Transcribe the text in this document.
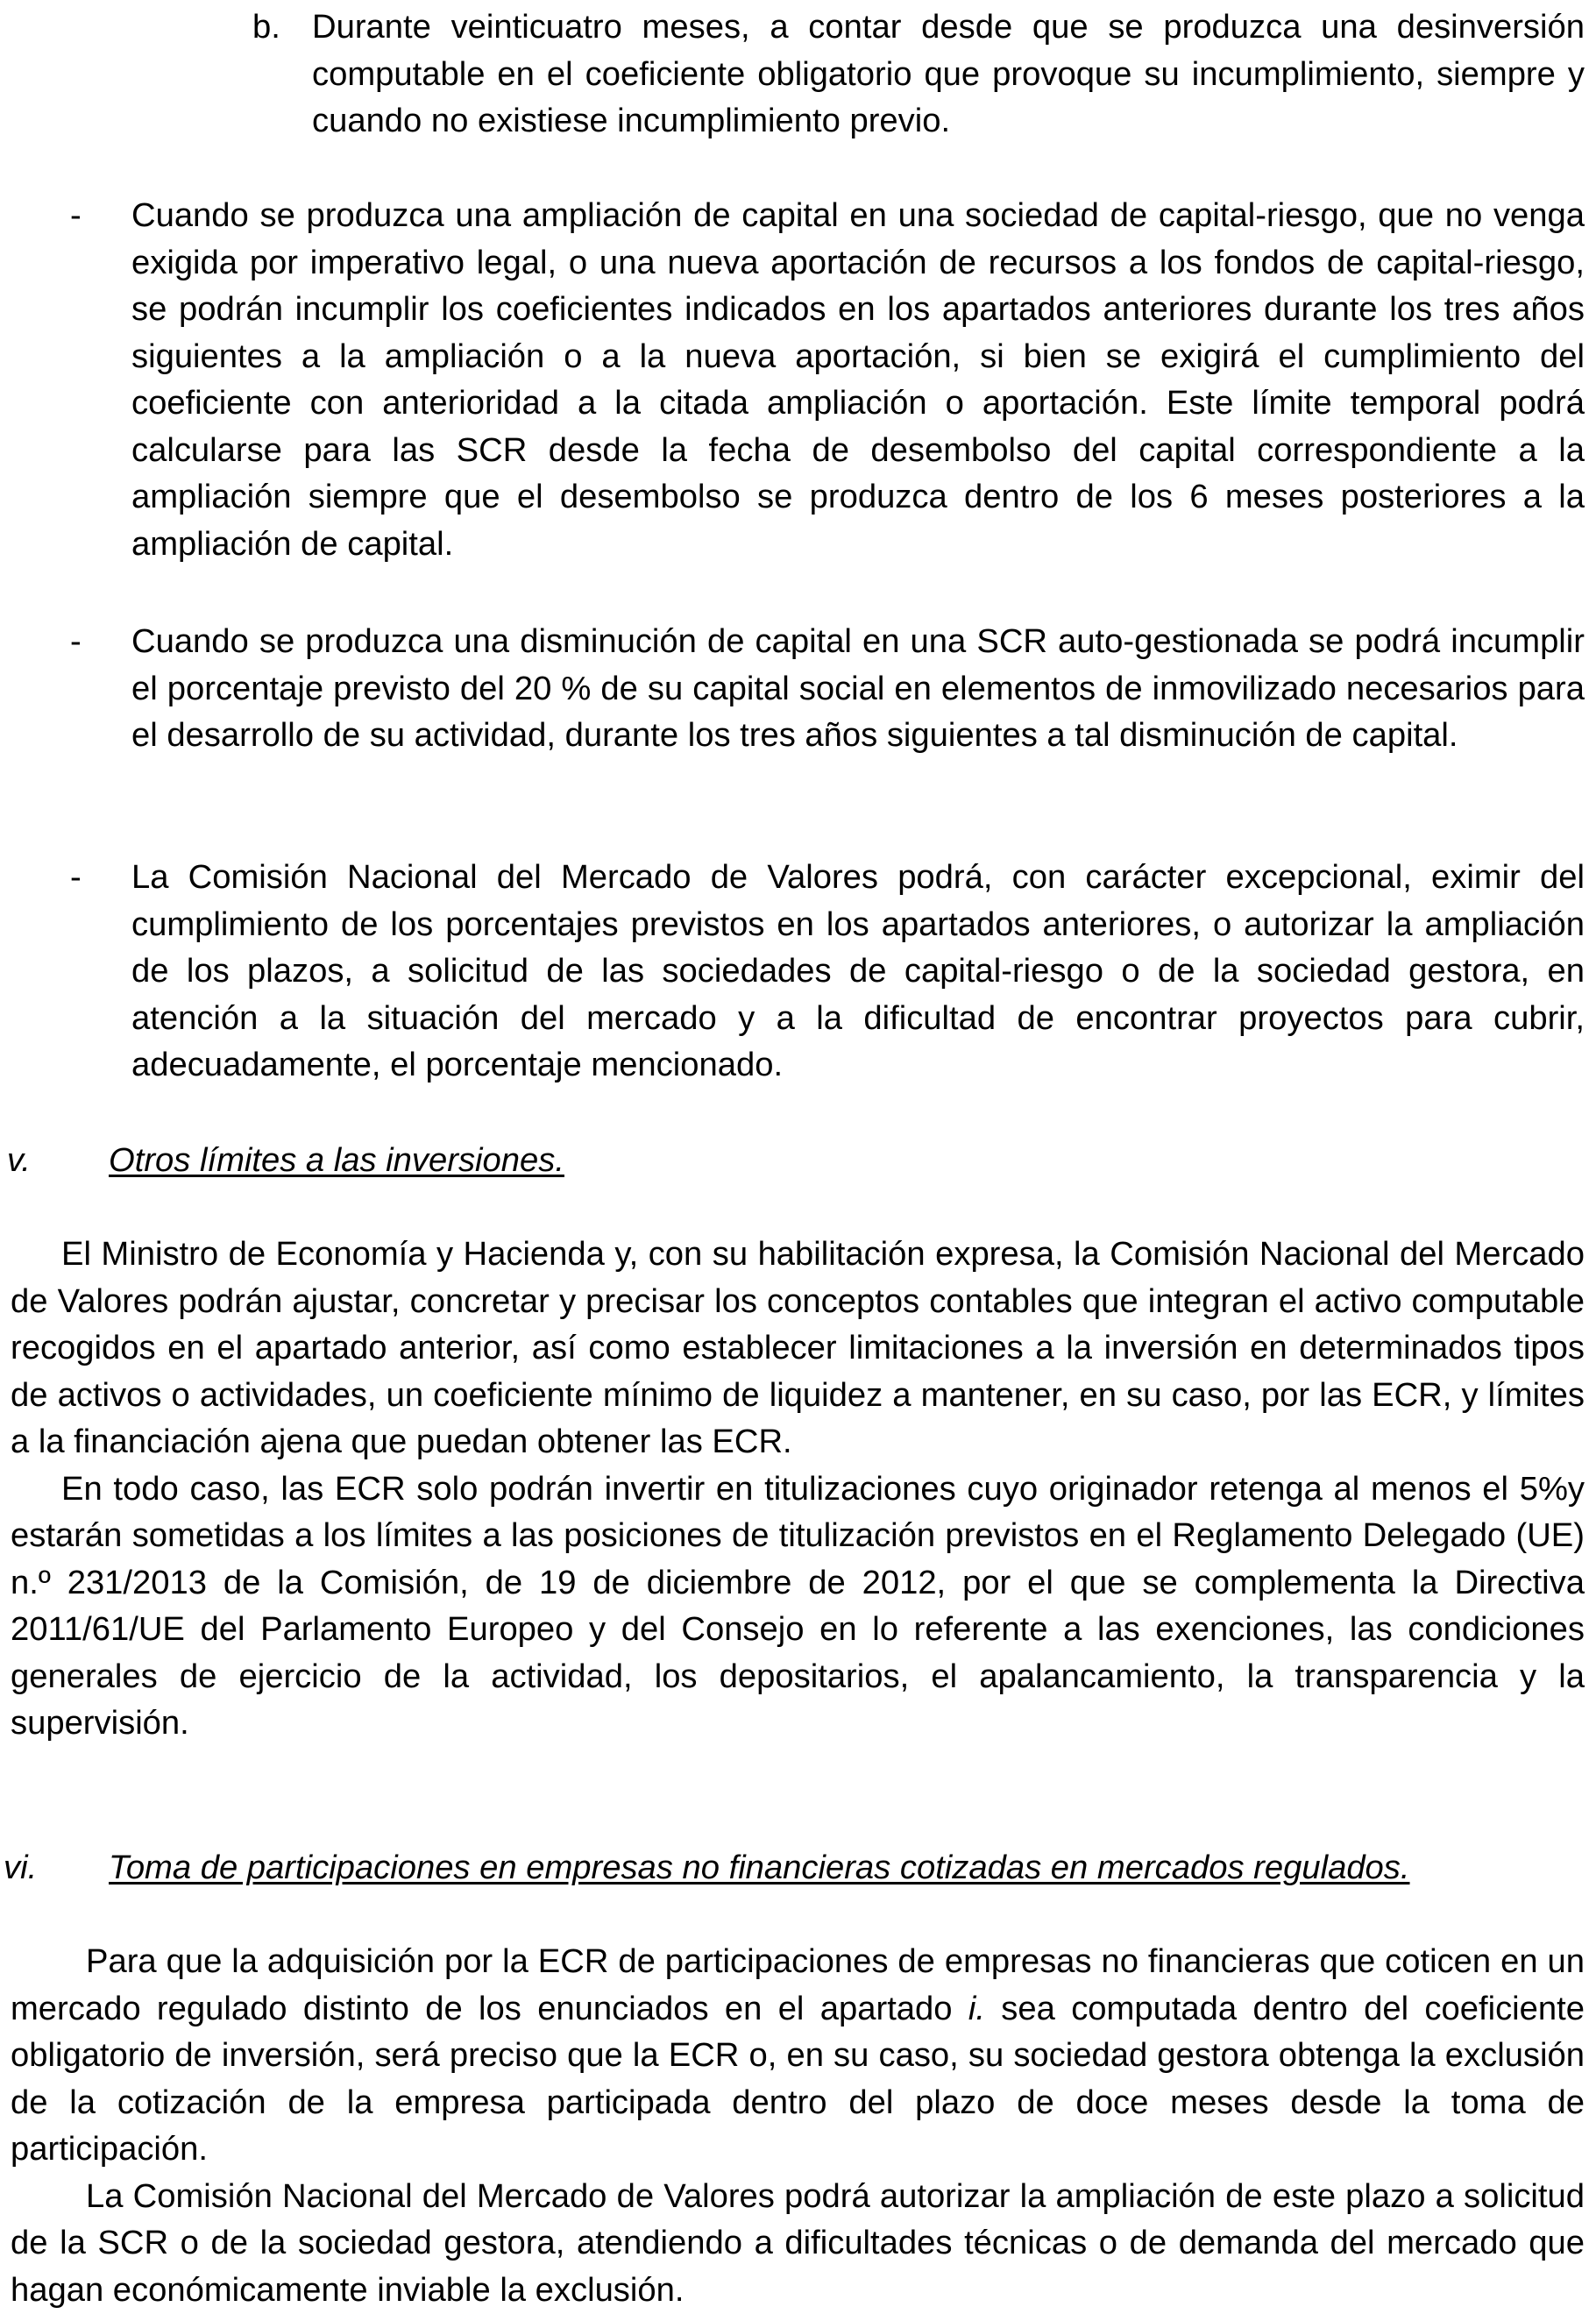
b. Durante veinticuatro meses, a contar desde que se produzca una desinversión computable en el coeficiente obligatorio que provoque su incumplimiento, siempre y cuando no existiese incumplimiento previo.

- Cuando se produzca una ampliación de capital en una sociedad de capital-riesgo, que no venga exigida por imperativo legal, o una nueva aportación de recursos a los fondos de capital-riesgo, se podrán incumplir los coeficientes indicados en los apartados anteriores durante los tres años siguientes a la ampliación o a la nueva aportación, si bien se exigirá el cumplimiento del coeficiente con anterioridad a la citada ampliación o aportación. Este límite temporal podrá calcularse para las SCR desde la fecha de desembolso del capital correspondiente a la ampliación siempre que el desembolso se produzca dentro de los 6 meses posteriores a la ampliación de capital.

- Cuando se produzca una disminución de capital en una SCR auto-gestionada se podrá incumplir el porcentaje previsto del 20 % de su capital social en elementos de inmovilizado necesarios para el desarrollo de su actividad, durante los tres años siguientes a tal disminución de capital.

- La Comisión Nacional del Mercado de Valores podrá, con carácter excepcional, eximir del cumplimiento de los porcentajes previstos en los apartados anteriores, o autorizar la ampliación de los plazos, a solicitud de las sociedades de capital-riesgo o de la sociedad gestora, en atención a la situación del mercado y a la dificultad de encontrar proyectos para cubrir, adecuadamente, el porcentaje mencionado.

v. Otros límites a las inversiones.

El Ministro de Economía y Hacienda y, con su habilitación expresa, la Comisión Nacional del Mercado de Valores podrán ajustar, concretar y precisar los conceptos contables que integran el activo computable recogidos en el apartado anterior, así como establecer limitaciones a la inversión en determinados tipos de activos o actividades, un coeficiente mínimo de liquidez a mantener, en su caso, por las ECR, y límites a la financiación ajena que puedan obtener las ECR.

En todo caso, las ECR solo podrán invertir en titulizaciones cuyo originador retenga al menos el 5%y estarán sometidas a los límites a las posiciones de titulización previstos en el Reglamento Delegado (UE) n.º 231/2013 de la Comisión, de 19 de diciembre de 2012, por el que se complementa la Directiva 2011/61/UE del Parlamento Europeo y del Consejo en lo referente a las exenciones, las condiciones generales de ejercicio de la actividad, los depositarios, el apalancamiento, la transparencia y la supervisión.

vi. Toma de participaciones en empresas no financieras cotizadas en mercados regulados.

Para que la adquisición por la ECR de participaciones de empresas no financieras que coticen en un mercado regulado distinto de los enunciados en el apartado i. sea computada dentro del coeficiente obligatorio de inversión, será preciso que la ECR o, en su caso, su sociedad gestora obtenga la exclusión de la cotización de la empresa participada dentro del plazo de doce meses desde la toma de participación.

La Comisión Nacional del Mercado de Valores podrá autorizar la ampliación de este plazo a solicitud de la SCR o de la sociedad gestora, atendiendo a dificultades técnicas o de demanda del mercado que hagan económicamente inviable la exclusión.
